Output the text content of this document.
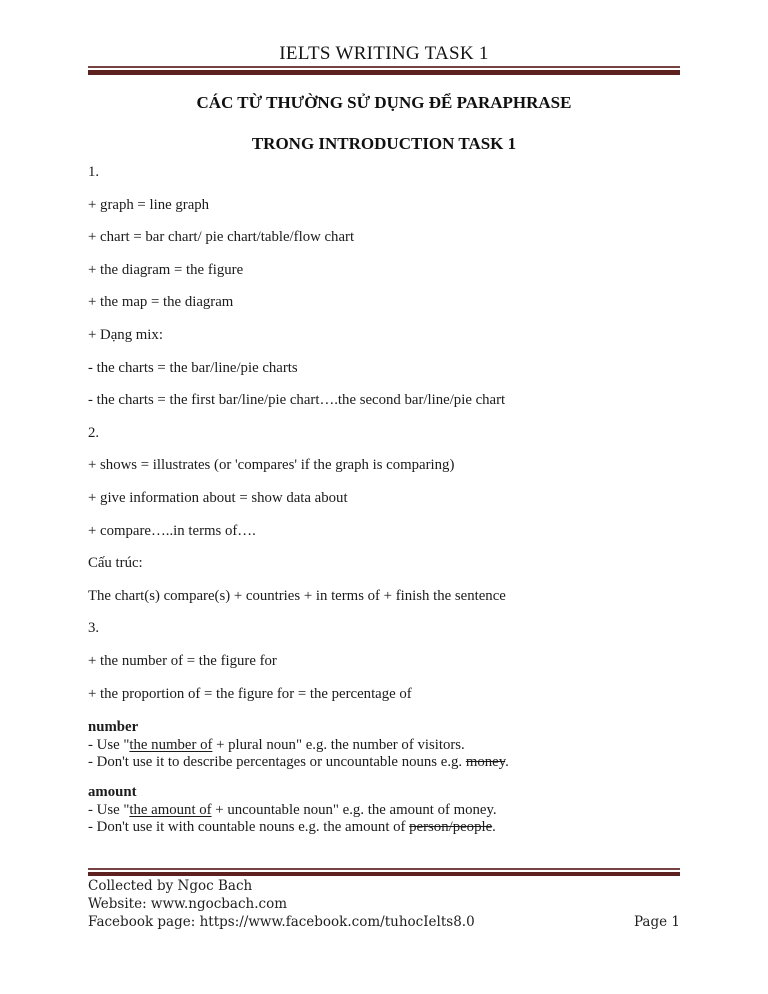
IELTS WRITING TASK 1
CÁC TỪ THƯỜNG SỬ DỤNG ĐỂ PARAPHRASE
TRONG INTRODUCTION TASK 1
1.
+ graph = line graph
+ chart = bar chart/ pie chart/table/flow chart
+ the diagram = the figure
+ the map = the diagram
+ Dạng mix:
- the charts = the bar/line/pie charts
- the charts = the first bar/line/pie chart….the second bar/line/pie chart
2.
+ shows = illustrates (or 'compares' if the graph is comparing)
+ give information about = show data about
+ compare…..in terms of….
Cấu trúc:
The chart(s) compare(s) + countries + in terms of + finish the sentence
3.
+ the number of = the figure for
+ the proportion of = the figure for = the percentage of
number
- Use "the number of + plural noun" e.g. the number of visitors.
- Don't use it to describe percentages or uncountable nouns e.g. money.
amount
- Use "the amount of + uncountable noun" e.g. the amount of money.
- Don't use it with countable nouns e.g. the amount of person/people.
Collected by Ngoc Bach
Website: www.ngocbach.com
Facebook page: https://www.facebook.com/tuhocIelts8.0	Page 1
